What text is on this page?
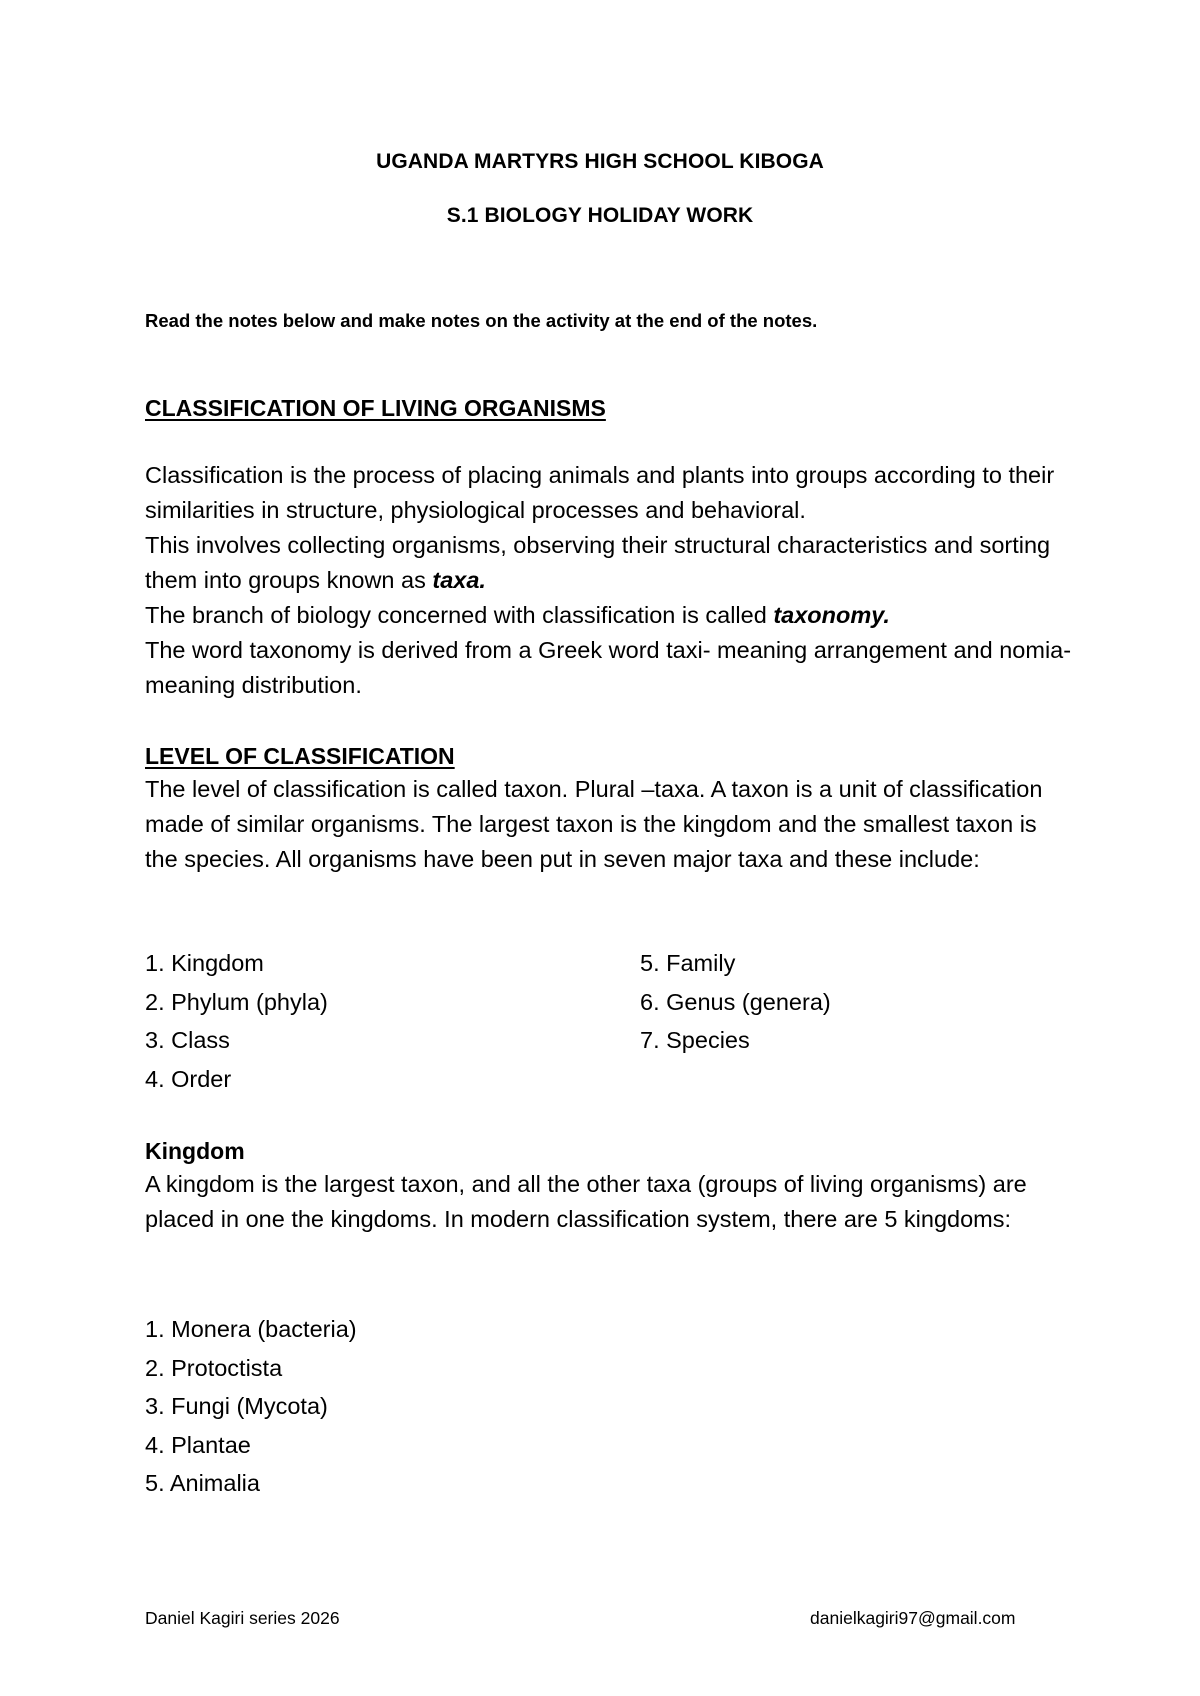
UGANDA MARTYRS HIGH SCHOOL KIBOGA
S.1 BIOLOGY HOLIDAY WORK
Read the notes below and make notes on the activity at the end of the notes.
CLASSIFICATION OF LIVING ORGANISMS

Classification is the process of placing animals and plants into groups according to their similarities in structure, physiological processes and behavioral.

This involves collecting organisms, observing their structural characteristics and sorting them into groups known as taxa.

The branch of biology concerned with classification is called taxonomy.

The word taxonomy is derived from a Greek word taxi- meaning arrangement and nomia-meaning distribution.

LEVEL OF CLASSIFICATION

The level of classification is called taxon. Plural –taxa. A taxon is a unit of classification made of similar organisms. The largest taxon is the kingdom and the smallest taxon is the species. All organisms have been put in seven major taxa and these include:

1. Kingdom
2. Phylum (phyla)
3. Class
4. Order
5. Family
6. Genus (genera)
7. Species
Kingdom

A kingdom is the largest taxon, and all the other taxa (groups of living organisms) are placed in one the kingdoms. In modern classification system, there are 5 kingdoms:

1. Monera (bacteria)
2. Protoctista
3. Fungi (Mycota)
4. Plantae
5. Animalia
Daniel Kagiri series 2026	danielkagiri97@gmail.com
